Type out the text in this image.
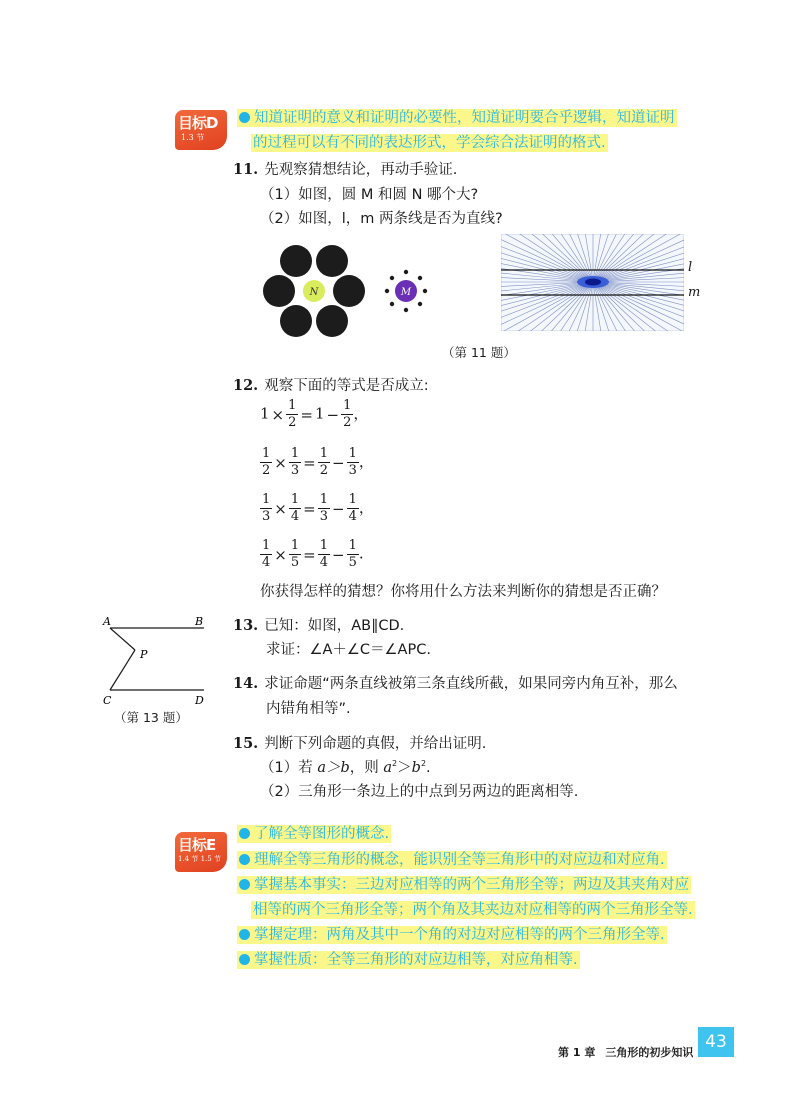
目标D
1.3 节
知道证明的意义和证明的必要性，知道证明要合乎逻辑，知道证明
的过程可以有不同的表达形式，学会综合法证明的格式.
11. 先观察猜想结论，再动手验证.
（1）如图，圆 M 和圆 N 哪个大?
（2）如图，l，m 两条线是否为直线?
N	M
l
m
（第 11 题）
12. 观察下面的等式是否成立:
$1 \times \frac{1}{2} = 1 - \frac{1}{2}$ ，
$\frac{1}{2} \times \frac{1}{3} = \frac{1}{2} - \frac{1}{3}$ ，
$\frac{1}{3} \times \frac{1}{4} = \frac{1}{3} - \frac{1}{4}$ ，
$\frac{1}{4} \times \frac{1}{5} = \frac{1}{4} - \frac{1}{5}$ .
你获得怎样的猜想？你将用什么方法来判断你的猜想是否正确？
A	B
P
C	D
（第 13 题）
13. 已知：如图，AB∥CD.
求证：∠A＋∠C＝∠APC.
14. 求证命题“两条直线被第三条直线所截，如果同旁内角互补，那么
内错角相等”.
15. 判断下列命题的真假，并给出证明.
（1）若 a＞b，则 $a^2>b^2$.
（2）三角形一条边上的中点到另两边的距离相等.
目标E
1.4 节 1.5 节
了解全等图形的概念.
理解全等三角形的概念，能识别全等三角形中的对应边和对应角.
掌握基本事实：三边对应相等的两个三角形全等；两边及其夹角对应
相等的两个三角形全等；两个角及其夹边对应相等的两个三角形全等.
掌握定理：两角及其中一个角的对边对应相等的两个三角形全等.
掌握性质：全等三角形的对应边相等，对应角相等.
第 1 章 三角形的初步知识
43
